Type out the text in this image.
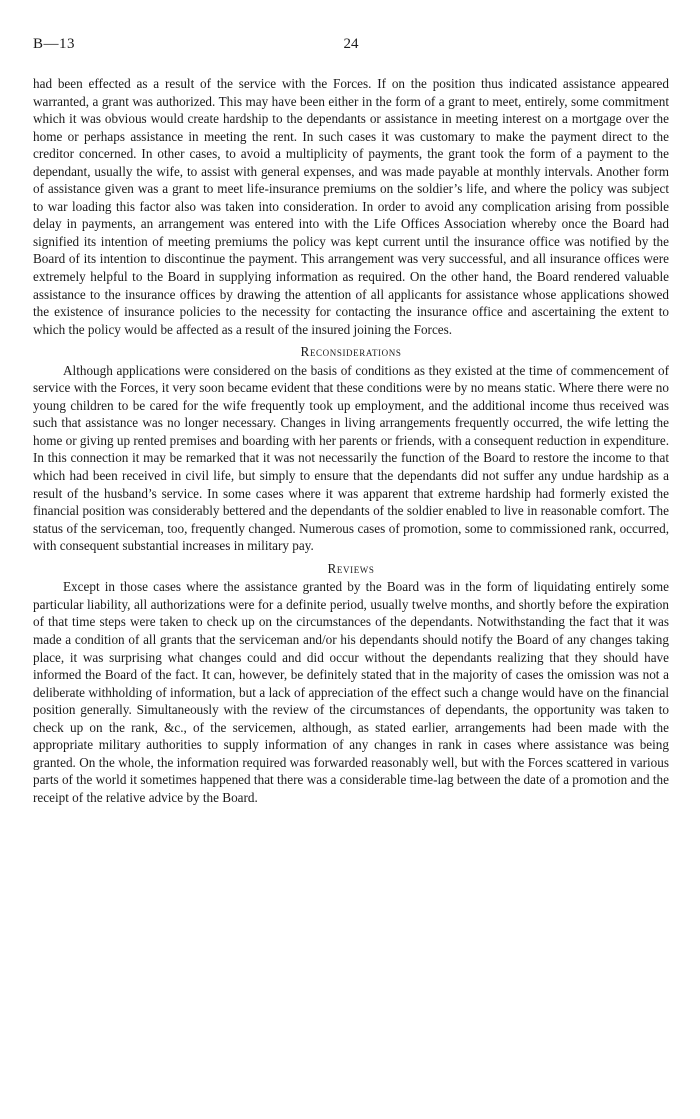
B—13	24

had been effected as a result of the service with the Forces. If on the position thus indicated assistance appeared warranted, a grant was authorized. This may have been either in the form of a grant to meet, entirely, some commitment which it was obvious would create hardship to the dependants or assistance in meeting interest on a mortgage over the home or perhaps assistance in meeting the rent. In such cases it was customary to make the payment direct to the creditor concerned. In other cases, to avoid a multiplicity of payments, the grant took the form of a payment to the dependant, usually the wife, to assist with general expenses, and was made payable at monthly intervals. Another form of assistance given was a grant to meet life-insurance premiums on the soldier’s life, and where the policy was subject to war loading this factor also was taken into consideration. In order to avoid any complication arising from possible delay in payments, an arrangement was entered into with the Life Offices Association whereby once the Board had signified its intention of meeting premiums the policy was kept current until the insurance office was notified by the Board of its intention to discontinue the payment. This arrangement was very successful, and all insurance offices were extremely helpful to the Board in supplying information as required. On the other hand, the Board rendered valuable assistance to the insurance offices by drawing the attention of all applicants for assistance whose applications showed the existence of insurance policies to the necessity for contacting the insurance office and ascertaining the extent to which the policy would be affected as a result of the insured joining the Forces.

Reconsiderations

Although applications were considered on the basis of conditions as they existed at the time of commencement of service with the Forces, it very soon became evident that these conditions were by no means static. Where there were no young children to be cared for the wife frequently took up employment, and the additional income thus received was such that assistance was no longer necessary. Changes in living arrangements frequently occurred, the wife letting the home or giving up rented premises and boarding with her parents or friends, with a consequent reduction in expenditure. In this connection it may be remarked that it was not necessarily the function of the Board to restore the income to that which had been received in civil life, but simply to ensure that the dependants did not suffer any undue hardship as a result of the husband’s service. In some cases where it was apparent that extreme hardship had formerly existed the financial position was considerably bettered and the dependants of the soldier enabled to live in reasonable comfort. The status of the serviceman, too, frequently changed. Numerous cases of promotion, some to commissioned rank, occurred, with consequent substantial increases in military pay.

Reviews

Except in those cases where the assistance granted by the Board was in the form of liquidating entirely some particular liability, all authorizations were for a definite period, usually twelve months, and shortly before the expiration of that time steps were taken to check up on the circumstances of the dependants. Notwithstanding the fact that it was made a condition of all grants that the serviceman and/or his dependants should notify the Board of any changes taking place, it was surprising what changes could and did occur without the dependants realizing that they should have informed the Board of the fact. It can, however, be definitely stated that in the majority of cases the omission was not a deliberate withholding of information, but a lack of appreciation of the effect such a change would have on the financial position generally. Simultaneously with the review of the circumstances of dependants, the opportunity was taken to check up on the rank, &c., of the servicemen, although, as stated earlier, arrangements had been made with the appropriate military authorities to supply information of any changes in rank in cases where assistance was being granted. On the whole, the information required was forwarded reasonably well, but with the Forces scattered in various parts of the world it sometimes happened that there was a considerable time-lag between the date of a promotion and the receipt of the relative advice by the Board.
